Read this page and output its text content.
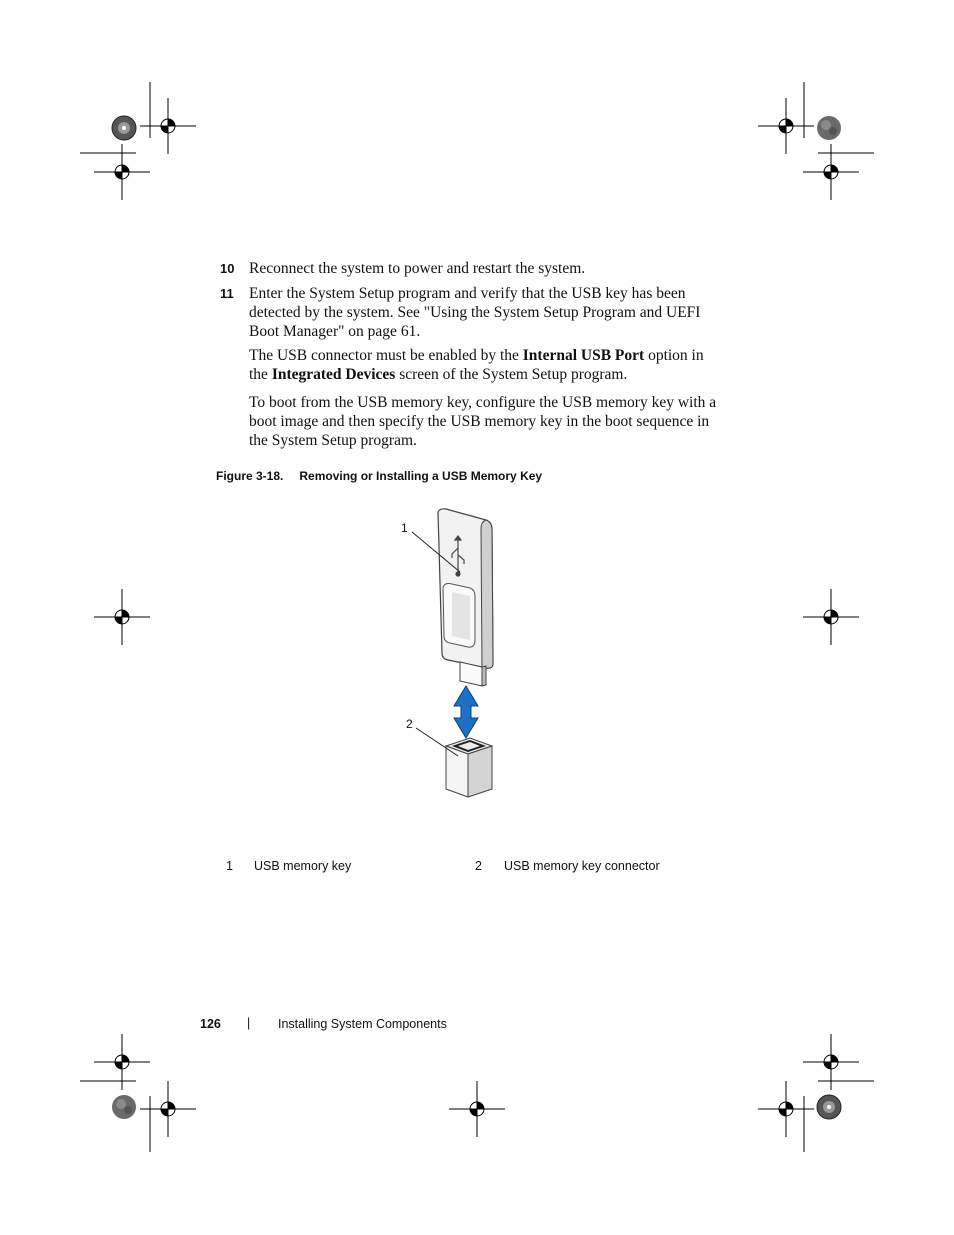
10 Reconnect the system to power and restart the system.

11 Enter the System Setup program and verify that the USB key has been detected by the system. See "Using the System Setup Program and UEFI Boot Manager" on page 61.

The USB connector must be enabled by the Internal USB Port option in the Integrated Devices screen of the System Setup program.

To boot from the USB memory key, configure the USB memory key with a boot image and then specify the USB memory key in the boot sequence in the System Setup program.

Figure 3-18. Removing or Installing a USB Memory Key
1
2
1 USB memory key	2 USB memory key connector
126 | Installing System Components
